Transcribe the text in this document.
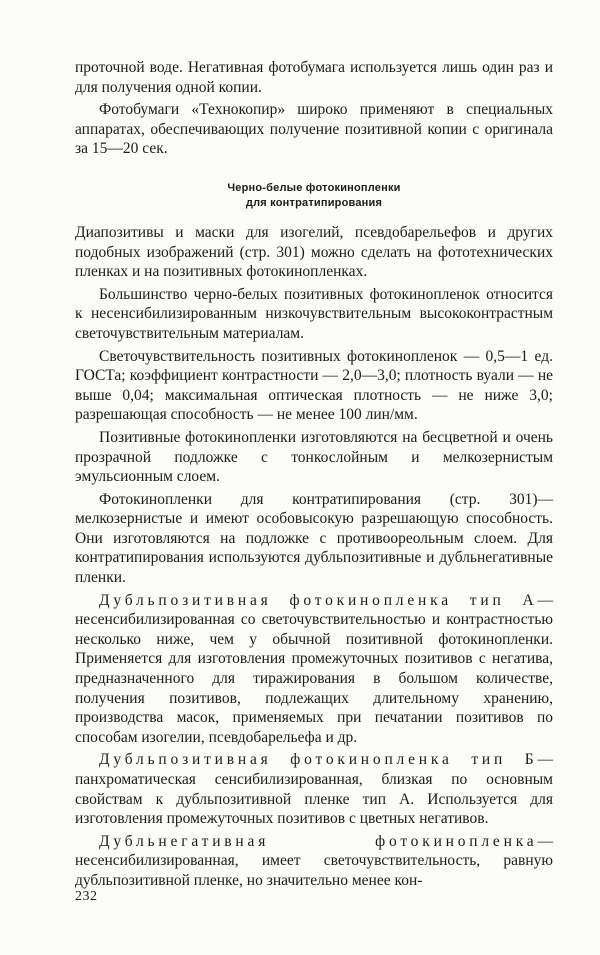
проточной воде. Негативная фотобумага используется лишь один раз и для получения одной копии.

Фотобумаги «Технокопир» широко применяют в специальных аппаратах, обеспечивающих получение позитивной копии с оригинала за 15—20 сек.

Черно-белые фотокинопленки
для контратипирования

Диапозитивы и маски для изогелий, псевдобарельефов и других подобных изображений (стр. 301) можно сделать на фототехнических пленках и на позитивных фотокинопленках.

Большинство черно-белых позитивных фотокинопленок относится к несенсибилизированным низкочувствительным высококонтрастным светочувствительным материалам.

Светочувствительность позитивных фотокинопленок — 0,5—1 ед. ГОСТа; коэффициент контрастности — 2,0—3,0; плотность вуали — не выше 0,04; максимальная оптическая плотность — не ниже 3,0; разрешающая способность — не менее 100 лин/мм.

Позитивные фотокинопленки изготовляются на бесцветной и очень прозрачной подложке с тонкослойным и мелкозернистым эмульсионным слоем.

Фотокинопленки для контратипирования (стр. 301)— мелкозернистые и имеют особовысокую разрешающую способность. Они изготовляются на подложке с противоореольным слоем. Для контратипирования используются дубльпозитивные и дубльнегативные пленки.

Дубльпозитивная фотокинопленка тип А— несенсибилизированная со светочувствительностью и контрастностью несколько ниже, чем у обычной позитивной фотокинопленки. Применяется для изготовления промежуточных позитивов с негатива, предназначенного для тиражирования в большом количестве, получения позитивов, подлежащих длительному хранению, производства масок, применяемых при печатании позитивов по способам изогелии, псевдобарельефа и др.

Дубльпозитивная фотокинопленка тип Б— панхроматическая сенсибилизированная, близкая по основным свойствам к дубльпозитивной пленке тип А. Используется для изготовления промежуточных позитивов с цветных негативов.

Дубльнегативная фотокинопленка— несенсибилизированная, имеет светочувствительность, равную дубльпозитивной пленке, но значительно менее кон-

232
